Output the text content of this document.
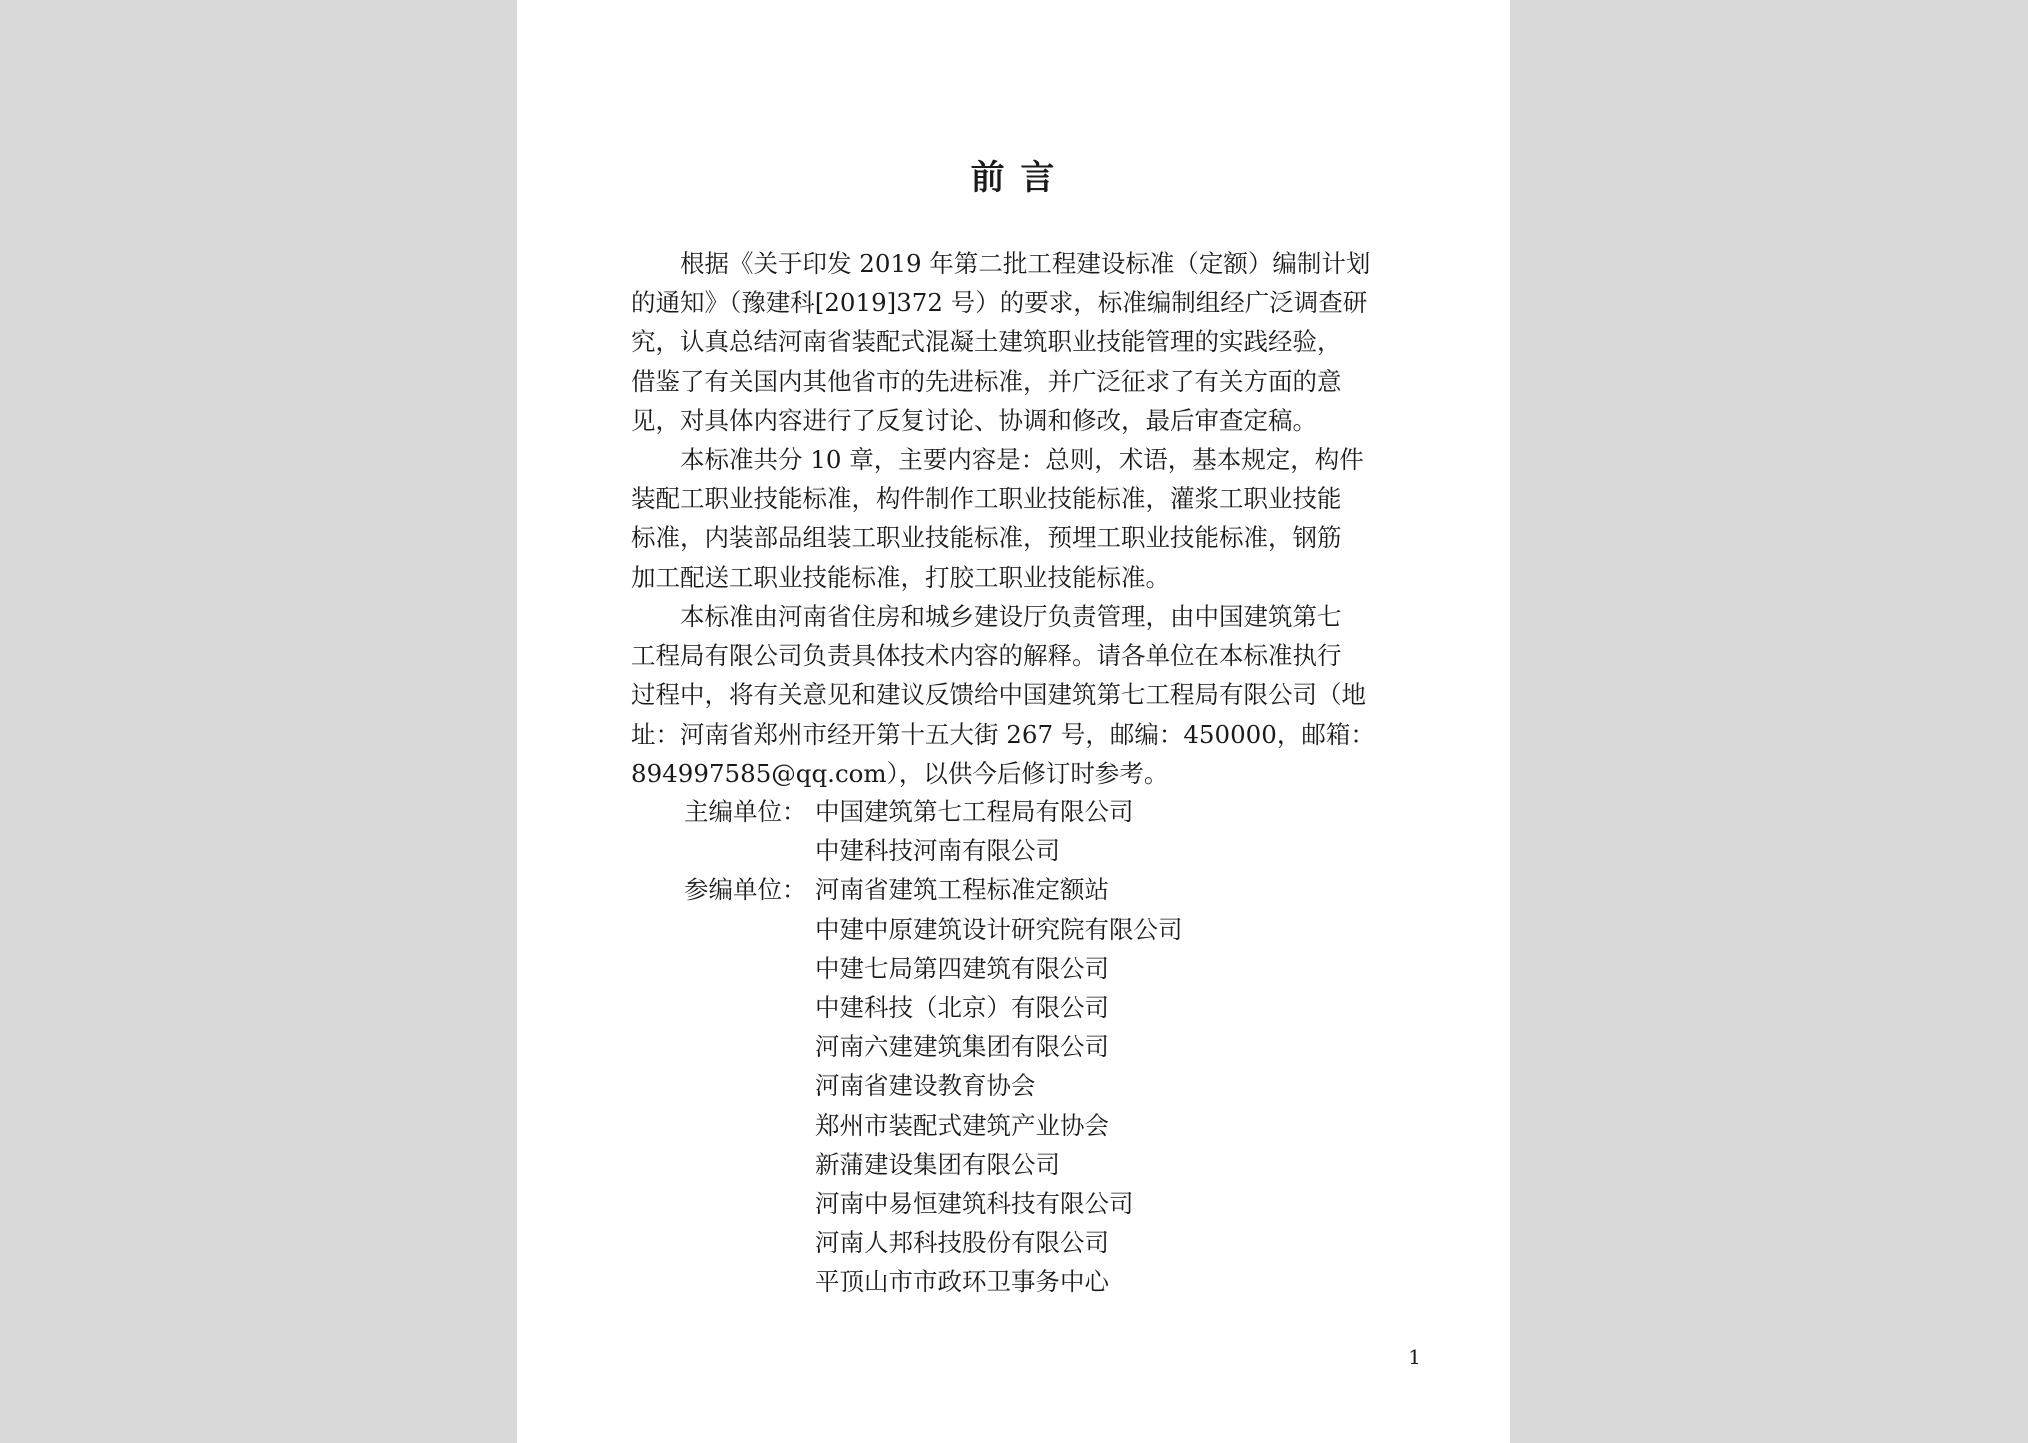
前 言
根据《关于印发 2019 年第二批工程建设标准（定额）编制计划
的通知》（豫建科[2019]372 号）的要求，标准编制组经广泛调查研
究，认真总结河南省装配式混凝土建筑职业技能管理的实践经验，
借鉴了有关国内其他省市的先进标准，并广泛征求了有关方面的意
见，对具体内容进行了反复讨论、协调和修改，最后审查定稿。
本标准共分 10 章，主要内容是：总则，术语，基本规定，构件
装配工职业技能标准，构件制作工职业技能标准，灌浆工职业技能
标准，内装部品组装工职业技能标准，预埋工职业技能标准，钢筋
加工配送工职业技能标准，打胶工职业技能标准。
本标准由河南省住房和城乡建设厅负责管理，由中国建筑第七
工程局有限公司负责具体技术内容的解释。请各单位在本标准执行
过程中，将有关意见和建议反馈给中国建筑第七工程局有限公司（地
址：河南省郑州市经开第十五大街 267 号，邮编：450000，邮箱：
894997585@qq.com），以供今后修订时参考。
主编单位： 中国建筑第七工程局有限公司
中建科技河南有限公司
参编单位： 河南省建筑工程标准定额站
中建中原建筑设计研究院有限公司
中建七局第四建筑有限公司
中建科技（北京）有限公司
河南六建建筑集团有限公司
河南省建设教育协会
郑州市装配式建筑产业协会
新蒲建设集团有限公司
河南中易恒建筑科技有限公司
河南人邦科技股份有限公司
平顶山市市政环卫事务中心
1
